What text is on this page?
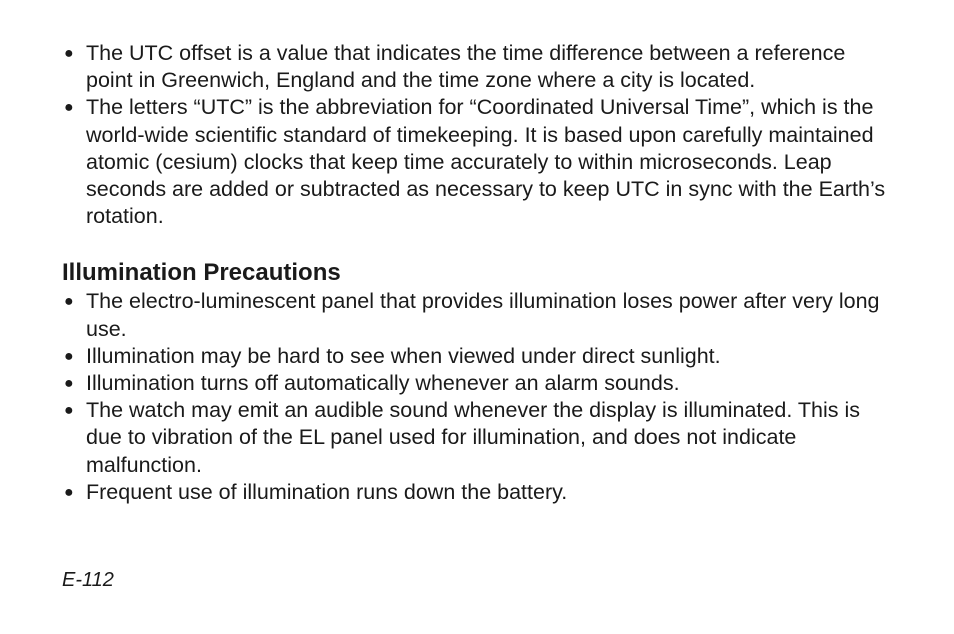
● The UTC offset is a value that indicates the time difference between a reference point in Greenwich, England and the time zone where a city is located.
● The letters “UTC” is the abbreviation for “Coordinated Universal Time”, which is the world-wide scientific standard of timekeeping. It is based upon carefully maintained atomic (cesium) clocks that keep time accurately to within microseconds. Leap seconds are added or subtracted as necessary to keep UTC in sync with the Earth’s rotation.
Illumination Precautions
● The electro-luminescent panel that provides illumination loses power after very long use.
● Illumination may be hard to see when viewed under direct sunlight.
● Illumination turns off automatically whenever an alarm sounds.
● The watch may emit an audible sound whenever the display is illuminated. This is due to vibration of the EL panel used for illumination, and does not indicate malfunction.
● Frequent use of illumination runs down the battery.
E-112
